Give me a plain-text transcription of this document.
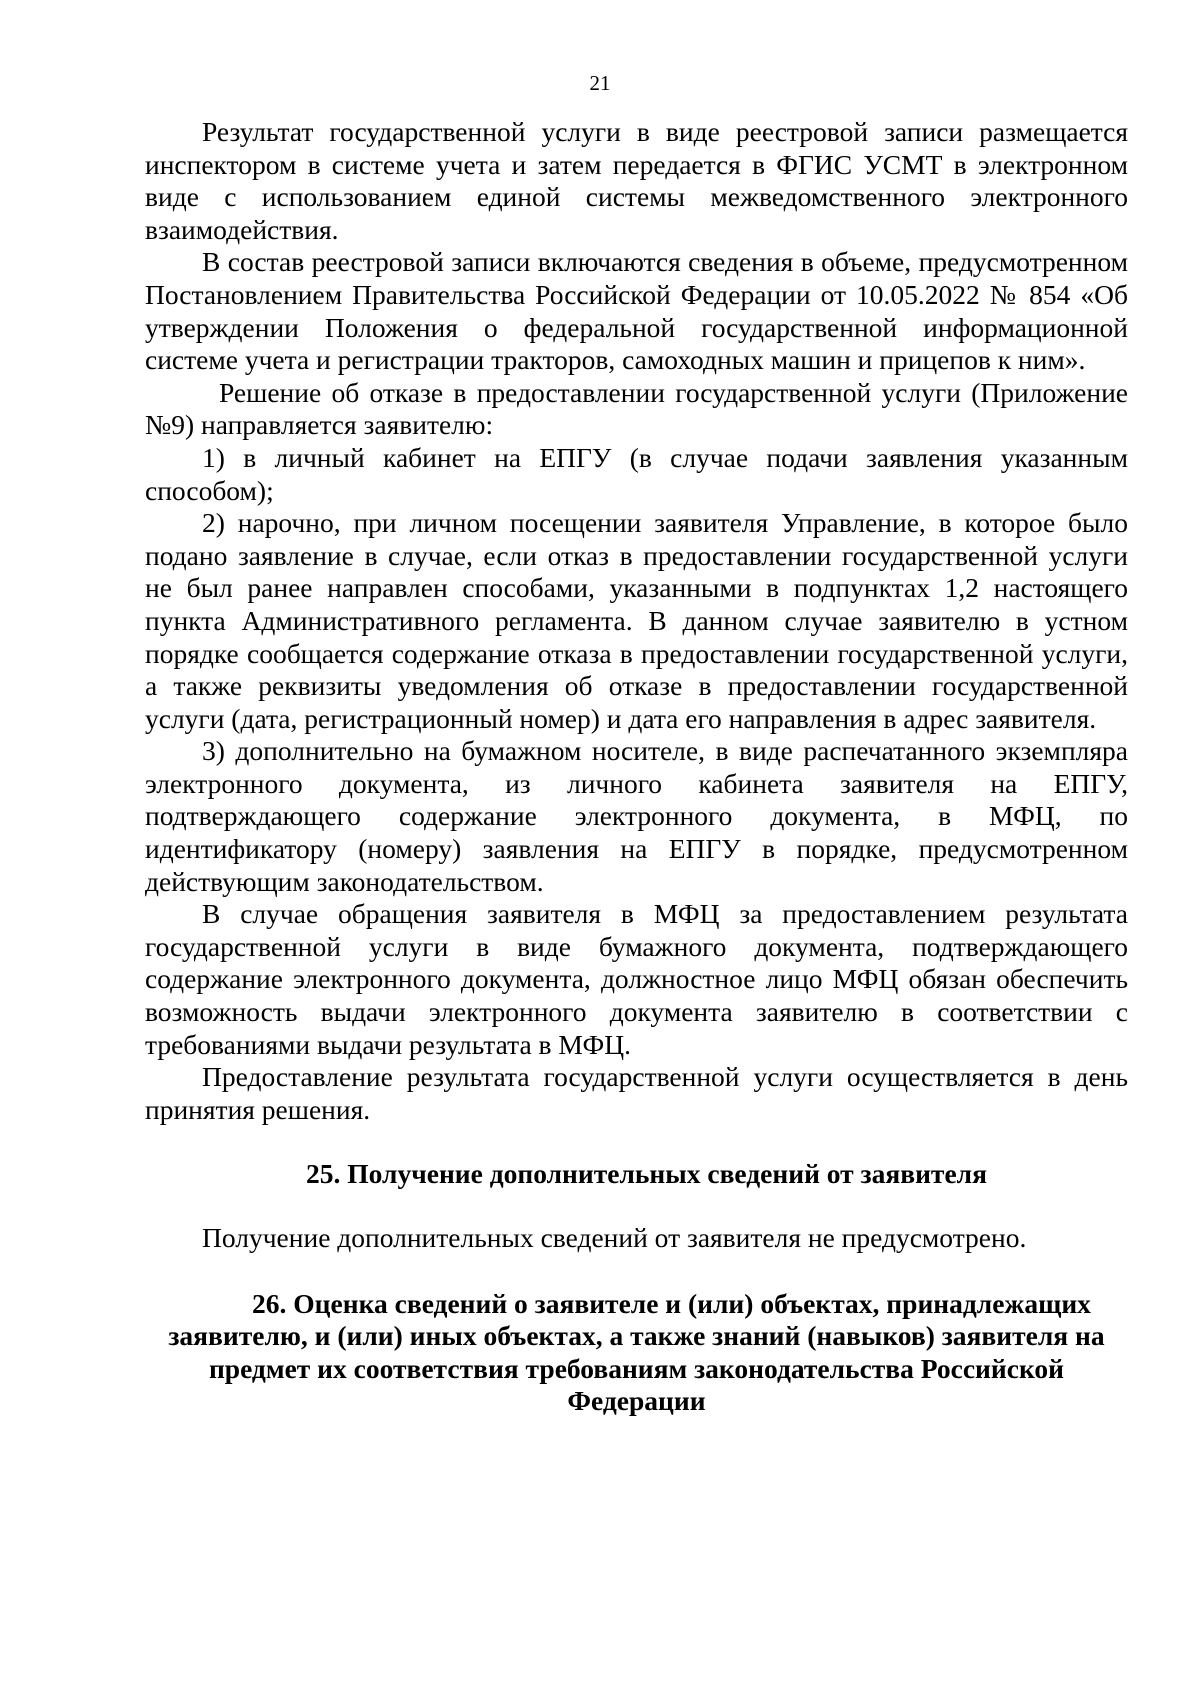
21

Результат государственной услуги в виде реестровой записи размещается инспектором в системе учета и затем передается в ФГИС УСМТ в электронном виде с использованием единой системы межведомственного электронного взаимодействия.

В состав реестровой записи включаются сведения в объеме, предусмотренном Постановлением Правительства Российской Федерации от 10.05.2022 № 854 «Об утверждении Положения о федеральной государственной информационной системе учета и регистрации тракторов, самоходных машин и прицепов к ним».

Решение об отказе в предоставлении государственной услуги (Приложение №9) направляется заявителю:

1) в личный кабинет на ЕПГУ (в случае подачи заявления указанным способом);

2) нарочно, при личном посещении заявителя Управление, в которое было подано заявление в случае, если отказ в предоставлении государственной услуги не был ранее направлен способами, указанными в подпунктах 1,2 настоящего пункта Административного регламента. В данном случае заявителю в устном порядке сообщается содержание отказа в предоставлении государственной услуги, а также реквизиты уведомления об отказе в предоставлении государственной услуги (дата, регистрационный номер) и дата его направления в адрес заявителя.

3) дополнительно на бумажном носителе, в виде распечатанного экземпляра электронного документа, из личного кабинета заявителя на ЕПГУ, подтверждающего содержание электронного документа, в МФЦ, по идентификатору (номеру) заявления на ЕПГУ в порядке, предусмотренном действующим законодательством.

В случае обращения заявителя в МФЦ за предоставлением результата государственной услуги в виде бумажного документа, подтверждающего содержание электронного документа, должностное лицо МФЦ обязан обеспечить возможность выдачи электронного документа заявителю в соответствии с требованиями выдачи результата в МФЦ.

Предоставление результата государственной услуги осуществляется в день принятия решения.

25. Получение дополнительных сведений от заявителя

Получение дополнительных сведений от заявителя не предусмотрено.

26. Оценка сведений о заявителе и (или) объектах, принадлежащих
заявителю, и (или) иных объектах, а также знаний (навыков) заявителя на предмет их соответствия требованиям законодательства Российской Федерации
